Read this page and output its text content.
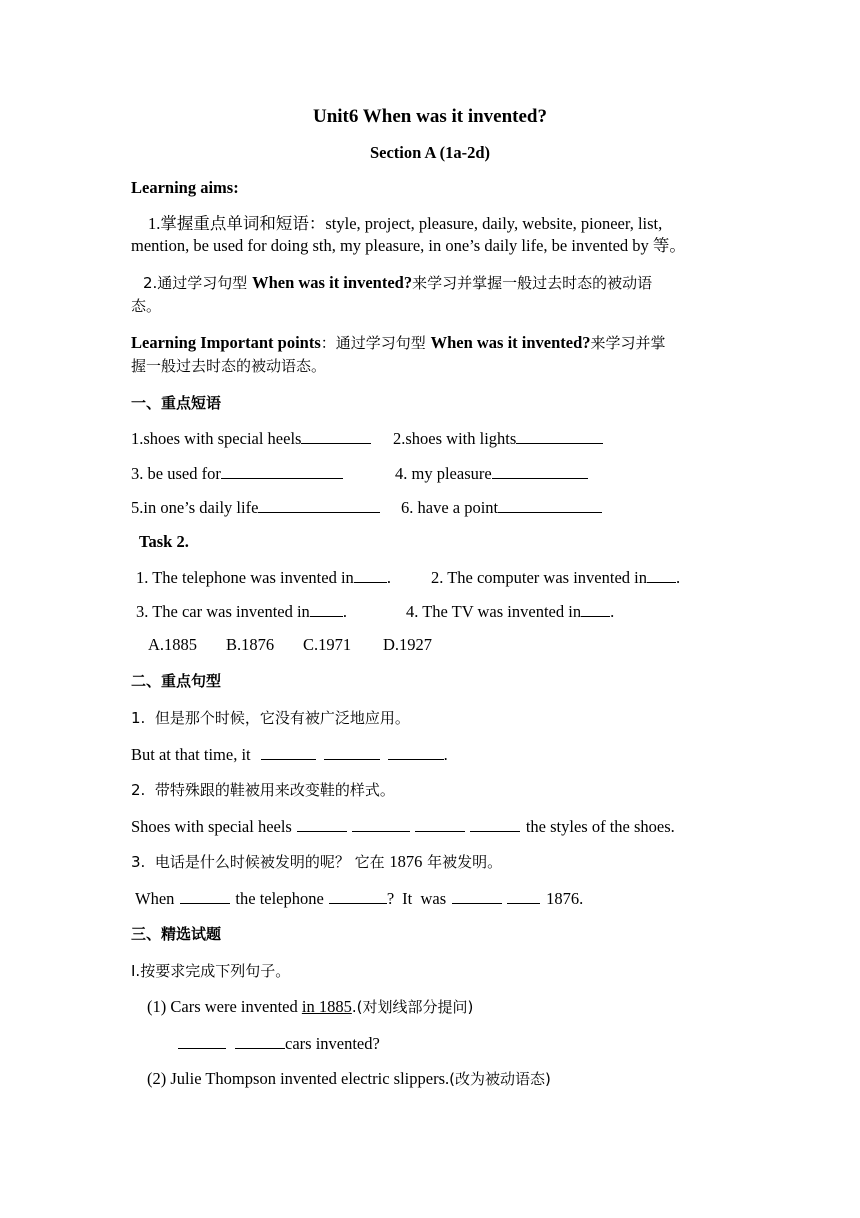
Unit6 When was it invented?
Section A (1a-2d)
Learning aims:
1.掌握重点单词和短语：style, project, pleasure, daily, website, pioneer, list,
mention, be used for doing sth, my pleasure, in one’s daily life, be invented by 等。
2.通过学习句型 When was it invented?来学习并掌握一般过去时态的被动语
态。
Learning Important points：通过学习句型 When was it invented?来学习并掌
握一般过去时态的被动语态。
一、重点短语
1.shoes with special heels	2.shoes with lights
3. be used for	4. my pleasure
5.in one’s daily life	6. have a point
Task 2.
1. The telephone was invented in . 2. The computer was invented in .
3. The car was invented in .	4. The TV was invented in .
A.1885 B.1876 C.1971 D.1927
二、重点句型
1.  但是那个时候，它没有被广泛地应用。
But at that time, it	.
2.  带特殊跟的鞋被用来改变鞋的样式。
Shoes with special heels	the styles of the shoes.
3.  电话是什么时候被发明的呢？ 它在 1876 年被发明。
When	the telephone	? It  was	1876.
三、精选试题
I.按要求完成下列句子。
(1) Cars were invented in 1885.(对划线部分提问)
cars invented?
(2) Julie Thompson invented electric slippers.(改为被动语态)
